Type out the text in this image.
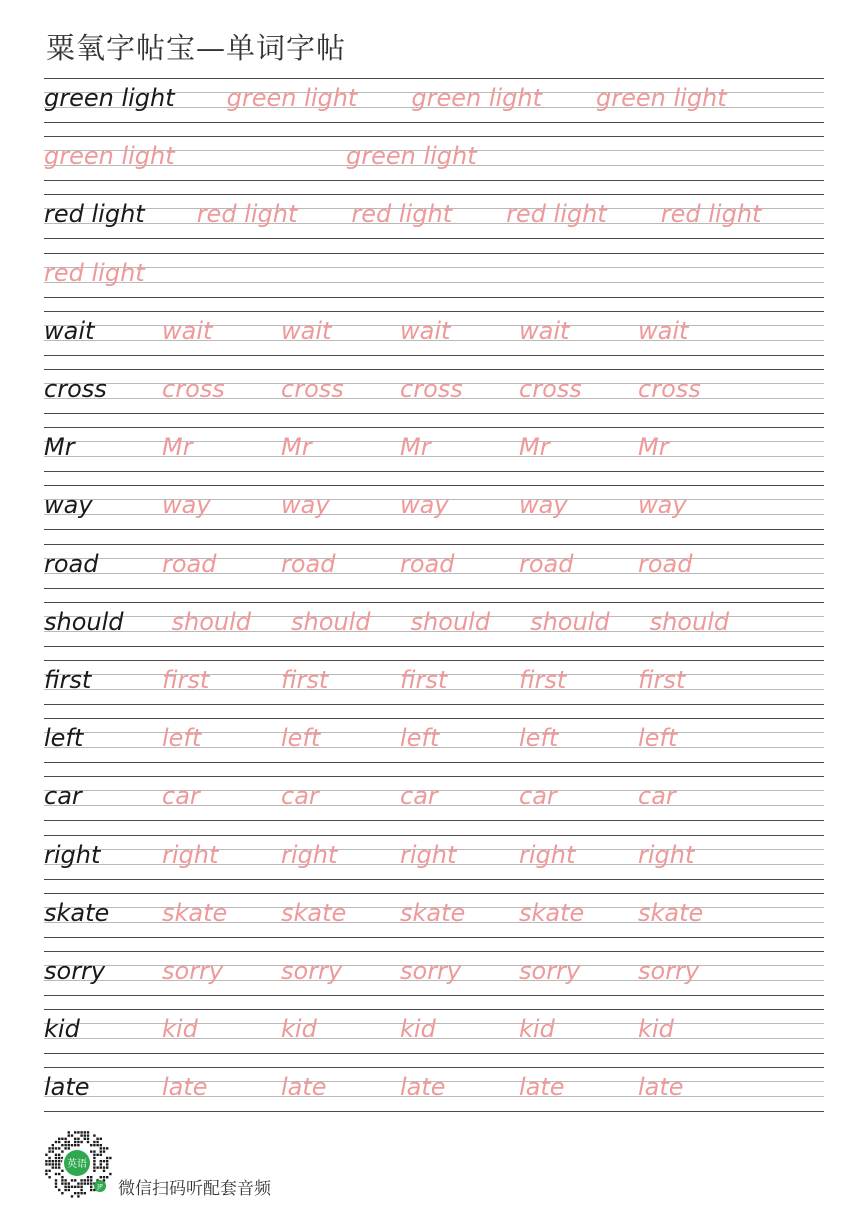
粟氧字帖宝—单词字帖
green light green light green light green light
green light	green light
red light red light red light red light red light
red light
wait	wait	wait	wait	wait	wait
cross cross cross cross cross cross
Mr	Mr	Mr	Mr	Mr	Mr
way	way	way	way	way	way
road	road	road	road	road	road
should should should should should should
first	first	first	first	first	first
left	left	left	left	left	left
car	car	car	car	car	car
right	right	right	right	right	right
skate skate skate skate skate skate
sorry sorry sorry sorry sorry sorry
kid	kid	kid	kid	kid	kid
late	late	late	late	late	late
英语
JP 微信扫码听配套音频
